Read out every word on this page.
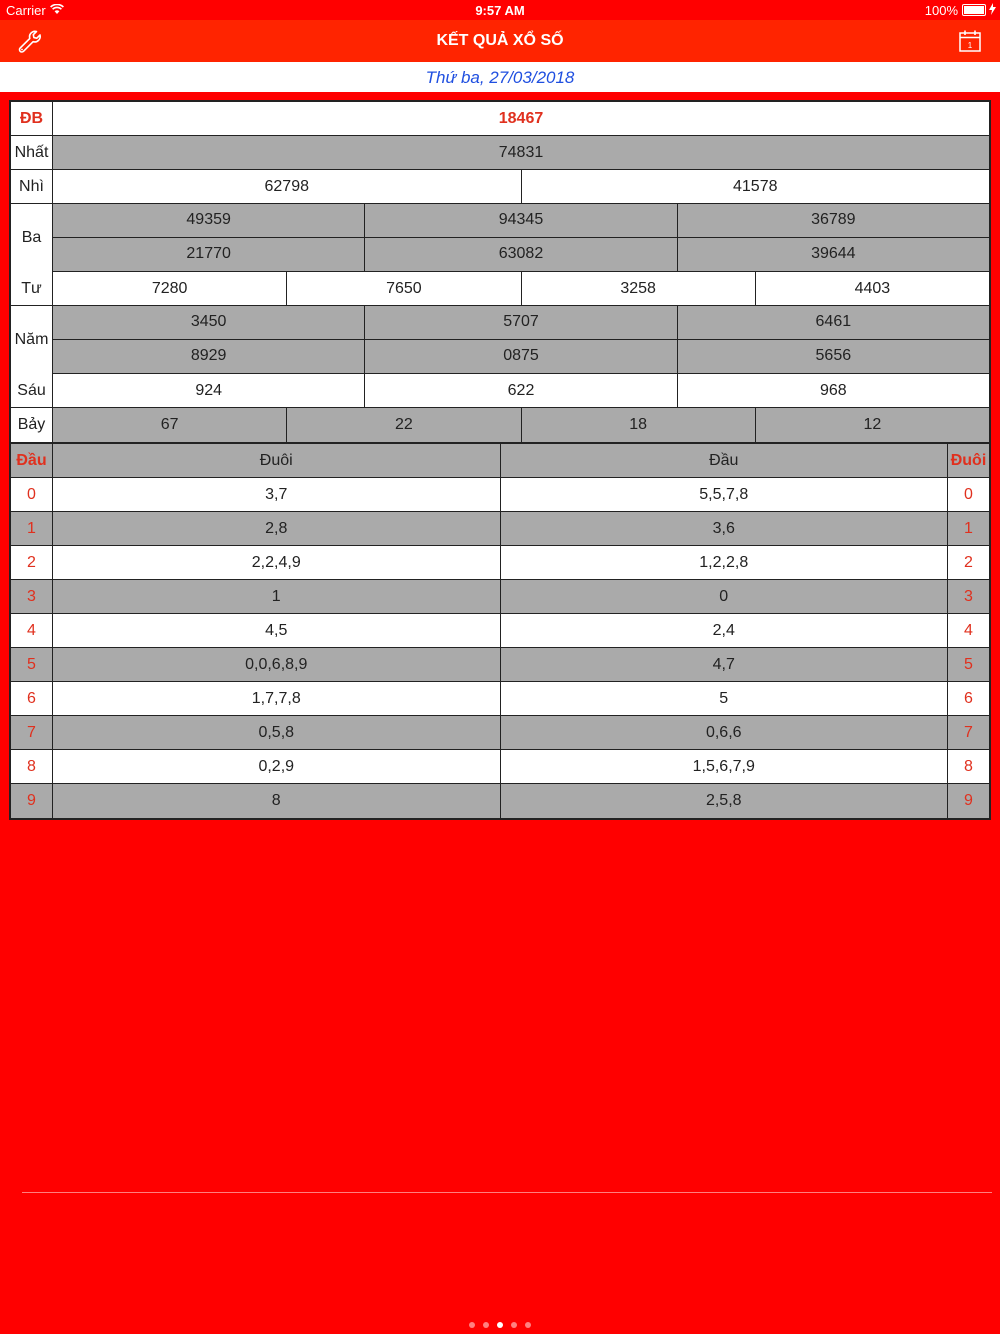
Carrier	9:57 AM	100%
KẾT QUẢ XỔ SỐ	1
Thứ ba, 27/03/2018
ĐB	18467
Nhất	74831
Nhì	62798	41578
Ba
49359	94345	36789
21770	63082	39644
Tư	7280	7650	3258	4403
Năm
3450	5707	6461
8929	0875	5656
Sáu	924	622	968
Bảy	67	22	18	12
Đầu	Đuôi	Đầu	Đuôi
0	3,7	5,5,7,8	0
1	2,8	3,6	1
2	2,2,4,9	1,2,2,8	2
3	1	0	3
4	4,5	2,4	4
5	0,0,6,8,9	4,7	5
6	1,7,7,8	5	6
7	0,5,8	0,6,6	7
8	0,2,9	1,5,6,7,9	8
9	8	2,5,8	9
